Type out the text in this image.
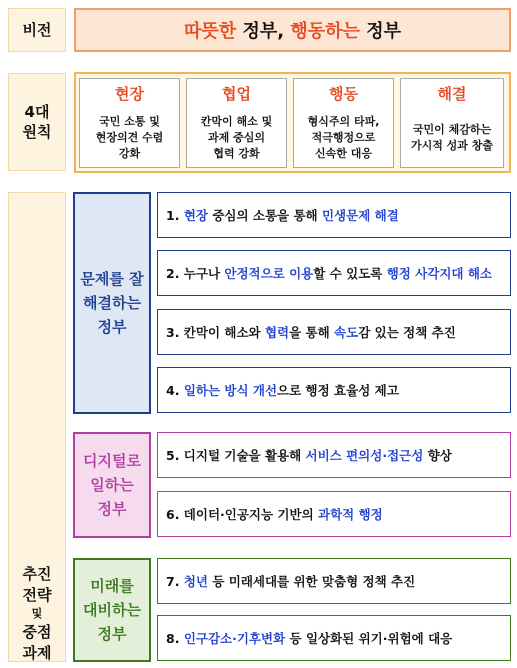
비전	따뜻한 정부, 행동하는 정부
4대
원칙
현장
국민 소통 및
현장의견 수렴
강화
협업
칸막이 해소 및
과제 중심의
협력 강화
행동
형식주의 타파,
적극행정으로
신속한 대응
해결
국민이 체감하는
가시적 성과 창출
추진
전략
및
중점
과제
문제를 잘
해결하는
정부
1. 현장 중심의 소통을 통해 민생문제 해결
2. 누구나 안정적으로 이용 할 수 있도록 행정 사각지대 해소
3. 칸막이 해소와 협력 을 통해 속도 감 있는 정책 추진
4. 일하는 방식 개선 으로 행정 효율성 제고
디지털로
일하는
정부
5. 디지털 기술을 활용해 서비스 편의성·접근성 향상
6. 데이터·인공지능 기반의 과학적 행정
미래를
대비하는
정부
7. 청년 등 미래세대를 위한 맞춤형 정책 추진
8. 인구감소·기후변화 등 일상화된 위기·위험에 대응
